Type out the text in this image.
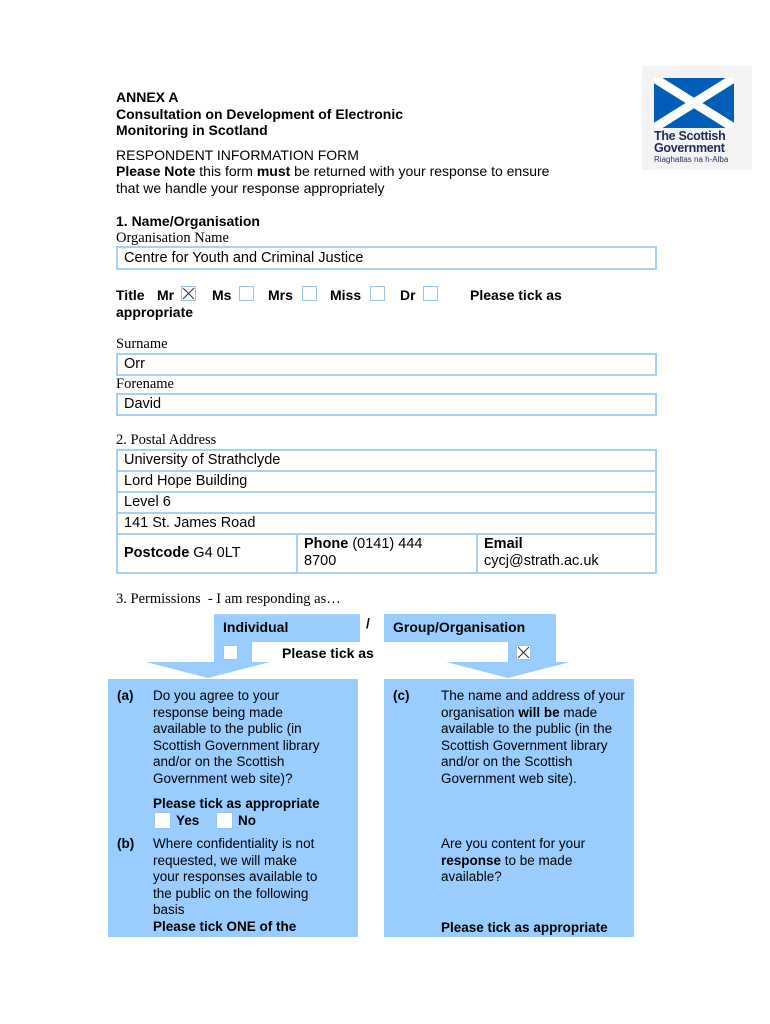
ANNEX A
Consultation on Development of Electronic
Monitoring in Scotland
RESPONDENT INFORMATION FORM
Please Note this form must be returned with your response to ensure
that we handle your response appropriately
The Scottish
Government
Riaghaltas na h-Alba
1. Name/Organisation
Organisation Name
Centre for Youth and Criminal Justice
Title Mr	Ms	Mrs	Miss	Dr	Please tick as
appropriate
Surname
Orr
Forename
David
2. Postal Address
University of Strathclyde
Lord Hope Building
Level 6
141 St. James Road
Postcode G4 0LT
Phone (0141) 444
8700
Email
cycj@strath.ac.uk
3. Permissions  - I am responding as…
Individual	/ Group/Organisation
Please tick as
(a) Do you agree to your
response being made
available to the public (in
Scottish Government library
and/or on the Scottish
Government web site)?
Please tick as appropriate
Yes	No
(b) Where confidentiality is not
requested, we will make
your responses available to
the public on the following
basis
Please tick ONE of the
(c) The name and address of your
organisation will be made
available to the public (in the
Scottish Government library
and/or on the Scottish
Government web site).
Are you content for your
response to be made
available?
Please tick as appropriate
